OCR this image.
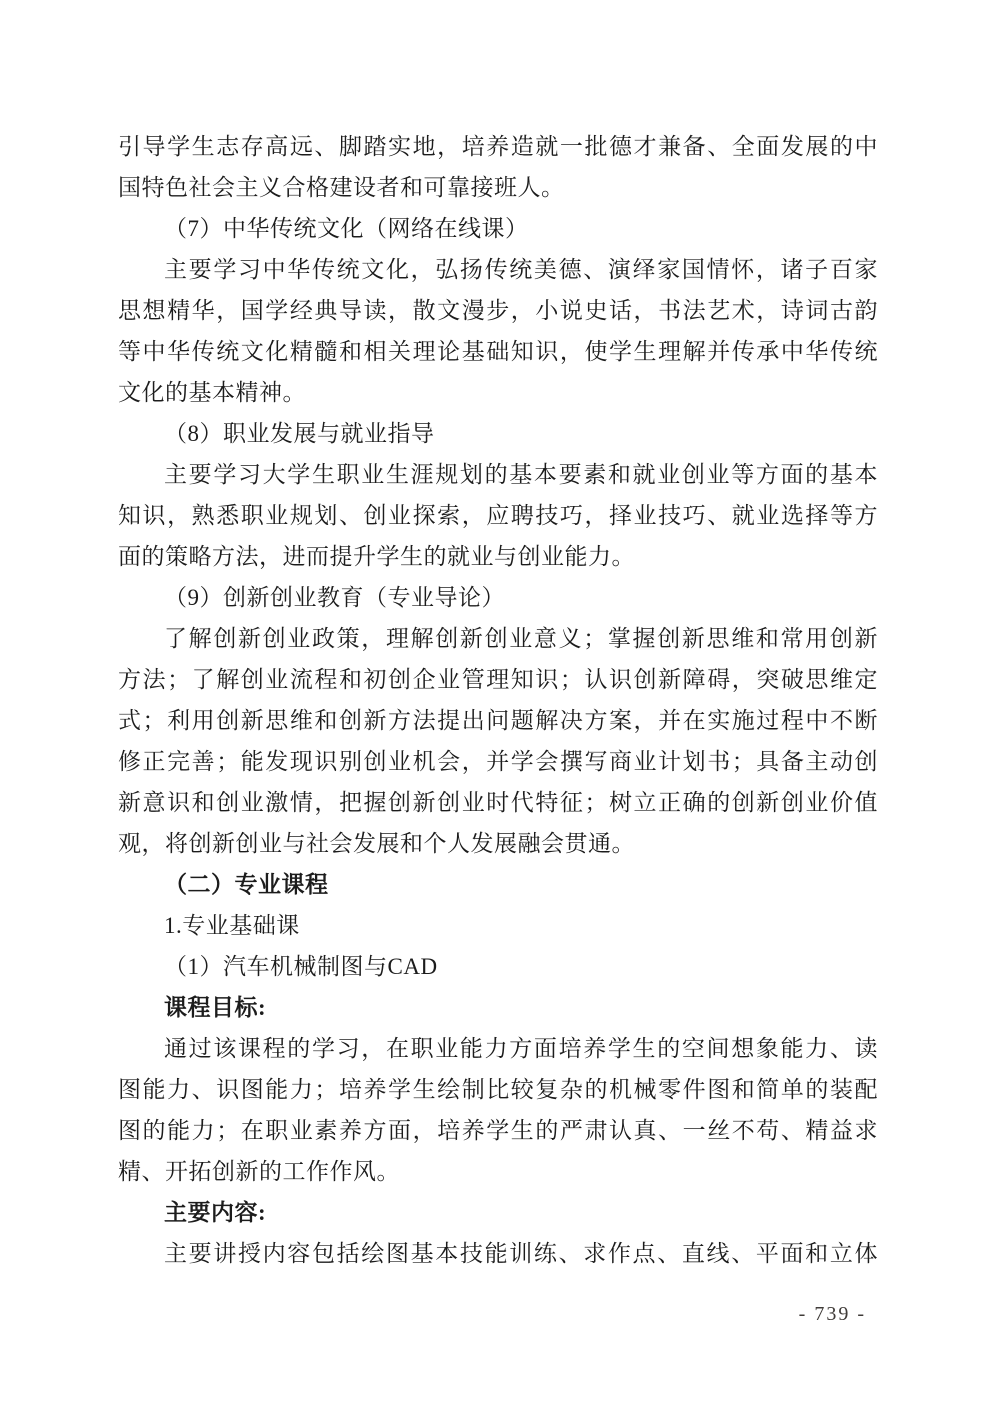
引导学生志存高远、脚踏实地，培养造就一批德才兼备、全面发展的中
国特色社会主义合格建设者和可靠接班人。
（7）中华传统文化（网络在线课）
主要学习中华传统文化，弘扬传统美德、演绎家国情怀，诸子百家
思想精华，国学经典导读，散文漫步，小说史话，书法艺术，诗词古韵
等中华传统文化精髓和相关理论基础知识，使学生理解并传承中华传统
文化的基本精神。
（8）职业发展与就业指导
主要学习大学生职业生涯规划的基本要素和就业创业等方面的基本
知识，熟悉职业规划、创业探索，应聘技巧，择业技巧、就业选择等方
面的策略方法，进而提升学生的就业与创业能力。
（9）创新创业教育（专业导论）
了解创新创业政策，理解创新创业意义；掌握创新思维和常用创新
方法；了解创业流程和初创企业管理知识；认识创新障碍，突破思维定
式；利用创新思维和创新方法提出问题解决方案，并在实施过程中不断
修正完善；能发现识别创业机会，并学会撰写商业计划书；具备主动创
新意识和创业激情，把握创新创业时代特征；树立正确的创新创业价值
观，将创新创业与社会发展和个人发展融会贯通。
（二）专业课程
1.专业基础课
（1）汽车机械制图与CAD
课程目标:
通过该课程的学习，在职业能力方面培养学生的空间想象能力、读
图能力、识图能力；培养学生绘制比较复杂的机械零件图和简单的装配
图的能力；在职业素养方面，培养学生的严肃认真、一丝不苟、精益求
精、开拓创新的工作作风。
主要内容:
主要讲授内容包括绘图基本技能训练、求作点、直线、平面和立体
- 739 -
